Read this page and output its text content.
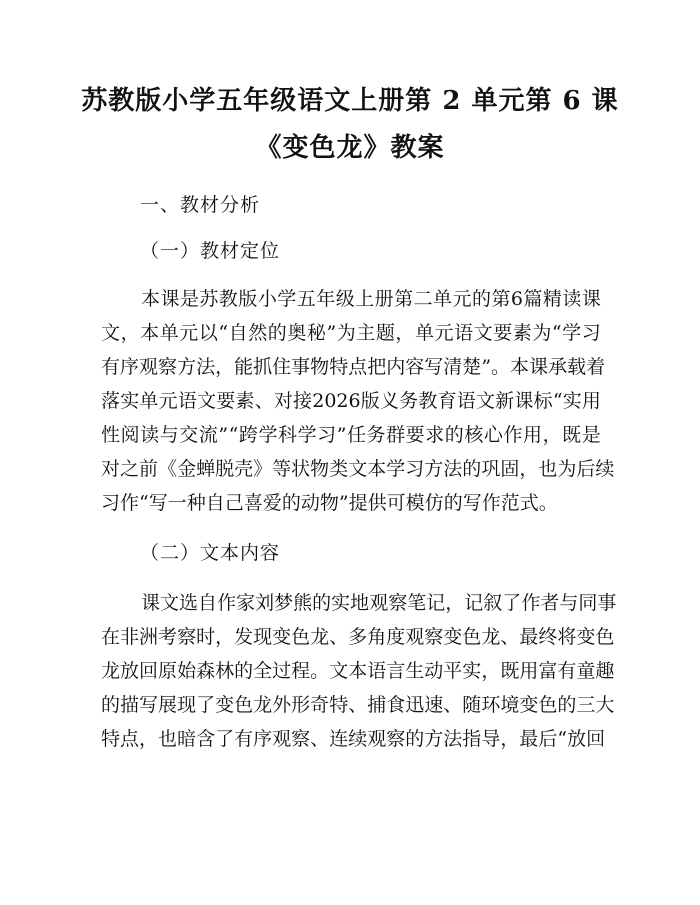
苏教版小学五年级语文上册第 2 单元第 6 课
《变色龙》教案
一、教材分析
（一）教材定位
本 课 是 苏 教 版 小 学 五 年 级 上 册 第 二 单 元 的 第 6 篇 精 读 课
文 ， 本 单 元 以 “ 自 然 的 奥 秘 ” 为 主 题 ， 单 元 语 文 要 素 为 “ 学 习
有 序 观 察 方 法 ， 能 抓 住 事 物 特 点 把 内 容 写 清 楚 ” 。 本 课 承 载 着
落 实 单 元 语 文 要 素 、 对 接 2026 版 义 务 教 育 语 文 新 课 标 “ 实 用
性 阅 读 与 交 流 ” “ 跨 学 科 学 习 ” 任 务 群 要 求 的 核 心 作 用 ， 既 是
对 之 前 《 金 蝉 脱 壳 》 等 状 物 类 文 本 学 习 方 法 的 巩 固 ， 也 为 后 续
习 作 “ 写 一 种 自 己 喜 爱 的 动 物 ” 提 供 可 模 仿 的 写 作 范 式 。
（二）文本内容
课 文 选 自 作 家 刘 梦 熊 的 实 地 观 察 笔 记 ， 记 叙 了 作 者 与 同 事
在 非 洲 考 察 时 ， 发 现 变 色 龙 、 多 角 度 观 察 变 色 龙 、 最 终 将 变 色
龙 放 回 原 始 森 林 的 全 过 程 。 文 本 语 言 生 动 平 实 ， 既 用 富 有 童 趣
的 描 写 展 现 了 变 色 龙 外 形 奇 特 、 捕 食 迅 速 、 随 环 境 变 色 的 三 大
特 点 ， 也 暗 含 了 有 序 观 察 、 连 续 观 察 的 方 法 指 导 ， 最 后 “ 放 回
